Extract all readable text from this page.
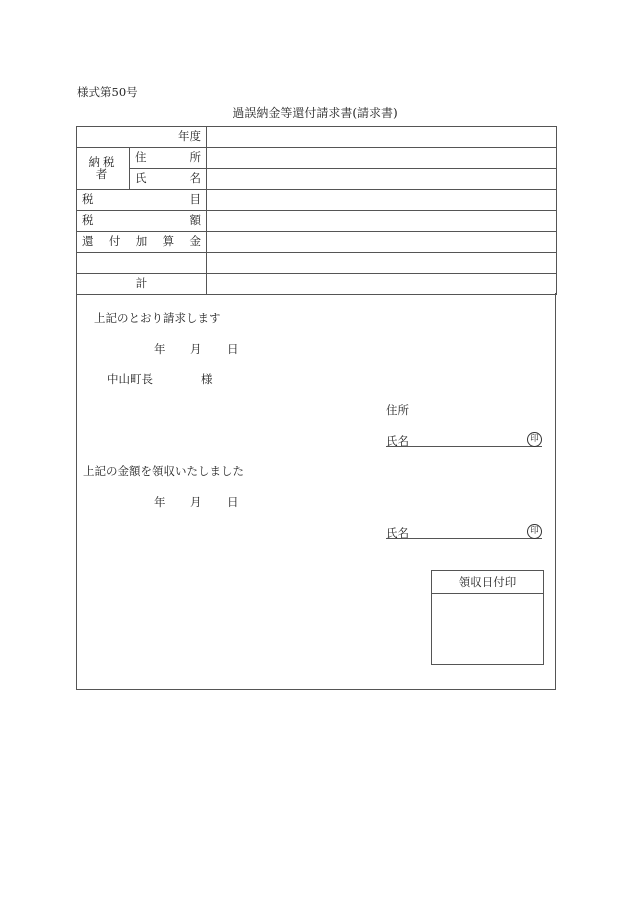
様式第50号
過誤納金等還付請求書(請求書)
年度		
納税者	住 所	

	氏 名	

税 目		

税 額		

還 付 加 算 金		

計		
上記のとおり請求します
年 月 日
中山町長	様
住所
氏名	印
上記の金額を領収いたしました
年 月 日
氏名	印
領収日付印
